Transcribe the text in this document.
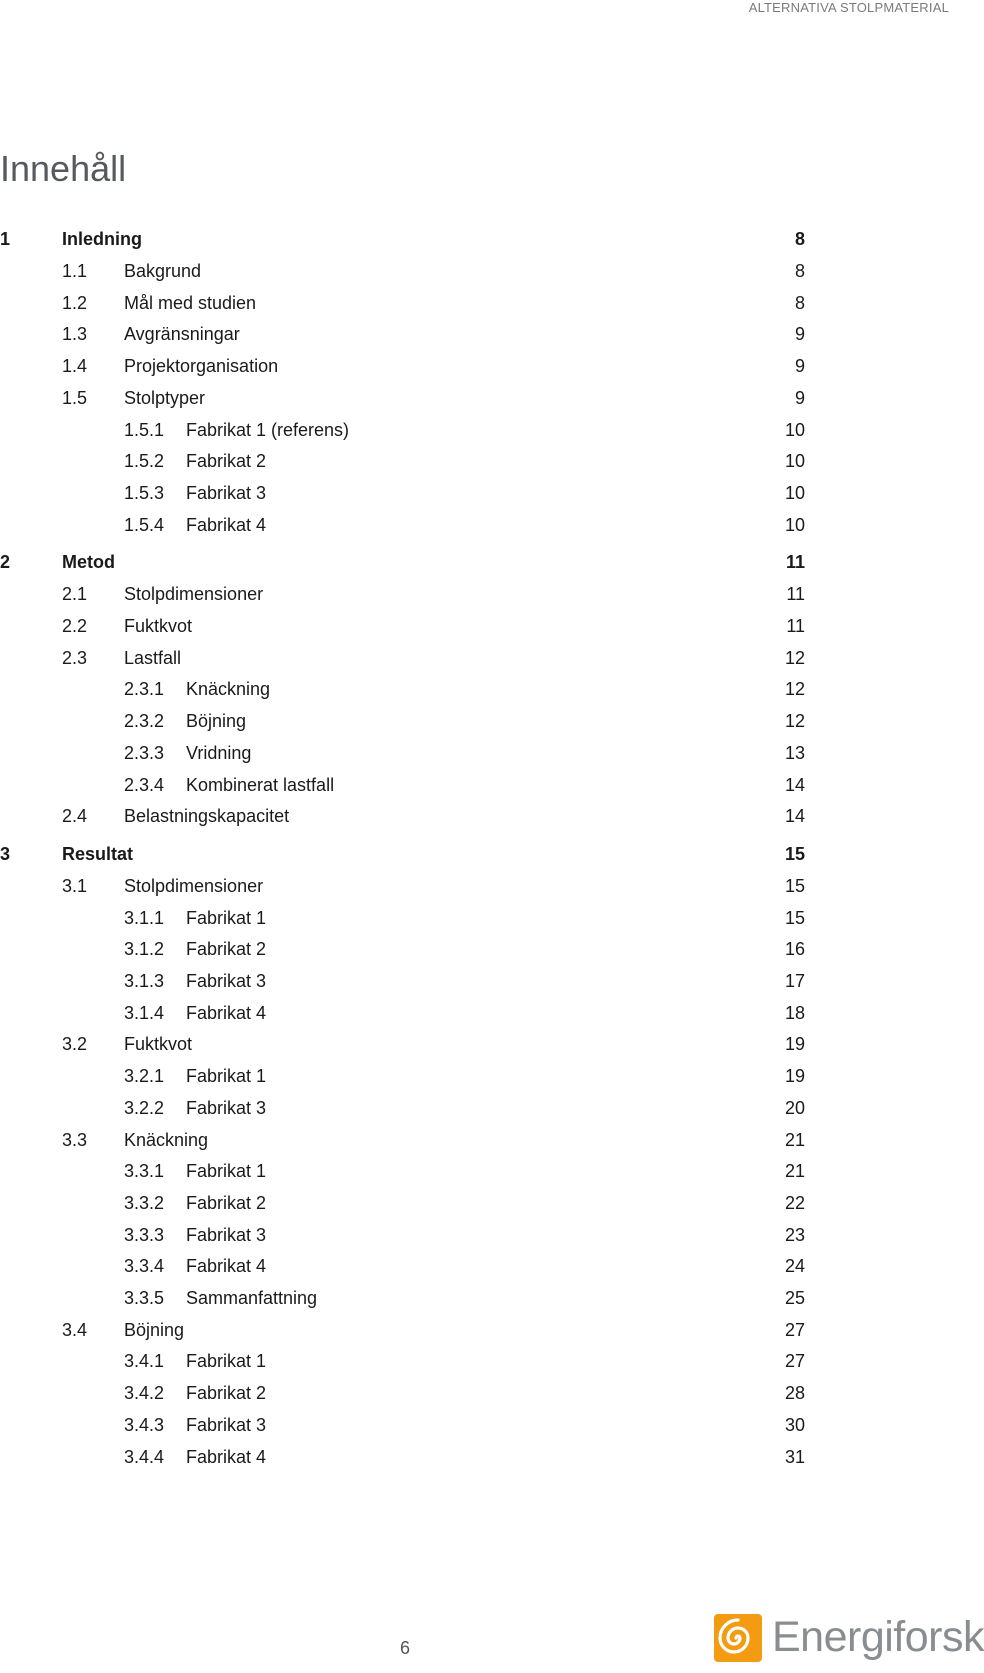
ALTERNATIVA STOLPMATERIAL
Innehåll
1	Inledning	8
1.1 Bakgrund	8
1.2 Mål med studien	8
1.3 Avgränsningar	9
1.4 Projektorganisation	9
1.5 Stolptyper	9
1.5.1 Fabrikat 1 (referens)	10
1.5.2 Fabrikat 2	10
1.5.3 Fabrikat 3	10
1.5.4 Fabrikat 4	10
2	Metod	11
2.1 Stolpdimensioner	11
2.2 Fuktkvot	11
2.3 Lastfall	12
2.3.1 Knäckning	12
2.3.2 Böjning	12
2.3.3 Vridning	13
2.3.4 Kombinerat lastfall	14
2.4 Belastningskapacitet	14
3	Resultat	15
3.1 Stolpdimensioner	15
3.1.1 Fabrikat 1	15
3.1.2 Fabrikat 2	16
3.1.3 Fabrikat 3	17
3.1.4 Fabrikat 4	18
3.2 Fuktkvot	19
3.2.1 Fabrikat 1	19
3.2.2 Fabrikat 3	20
3.3 Knäckning	21
3.3.1 Fabrikat 1	21
3.3.2 Fabrikat 2	22
3.3.3 Fabrikat 3	23
3.3.4 Fabrikat 4	24
3.3.5 Sammanfattning	25
3.4 Böjning	27
3.4.1 Fabrikat 1	27
3.4.2 Fabrikat 2	28
3.4.3 Fabrikat 3	30
3.4.4 Fabrikat 4	31
6	Energiforsk
